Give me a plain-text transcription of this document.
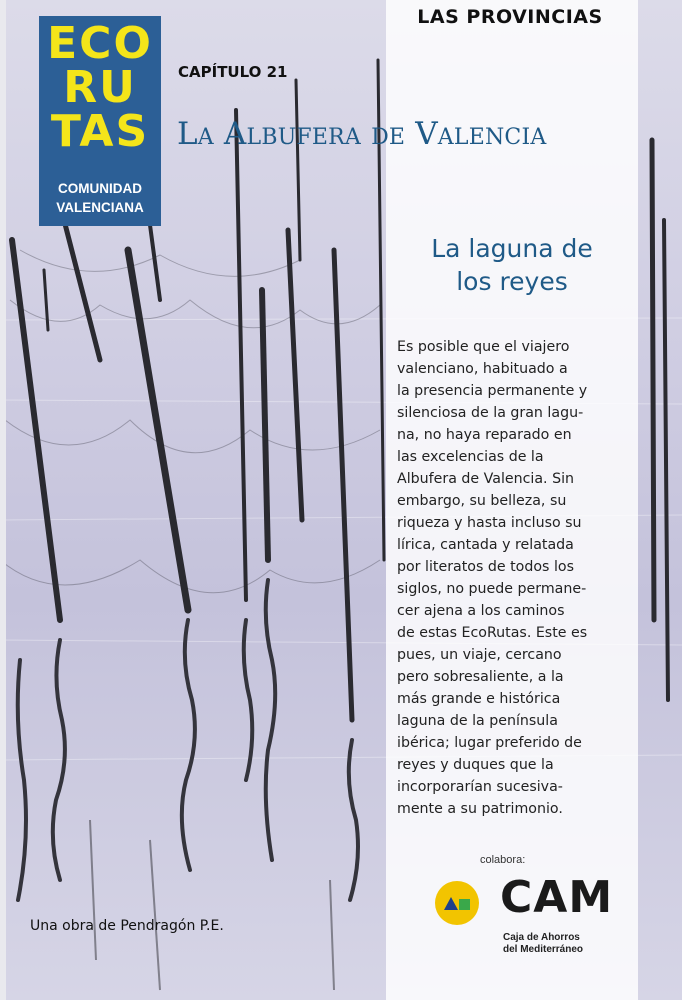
ECO
RU
TAS
COMUNIDAD
VALENCIANA
LAS PROVINCIAS
CAPÍTULO 21
La Albufera de Valencia
La laguna de
los reyes
Es posible que el viajero
valenciano, habituado a
la presencia permanente y
silenciosa de la gran lagu-
na, no haya reparado en
las excelencias de la
Albufera de Valencia. Sin
embargo, su belleza, su
riqueza y hasta incluso su
lírica, cantada y relatada
por literatos de todos los
siglos, no puede permane-
cer ajena a los caminos
de estas EcoRutas. Este es
pues, un viaje, cercano
pero sobresaliente, a la
más grande e histórica
laguna de la península
ibérica; lugar preferido de
reyes y duques que la
incorporarían sucesiva-
mente a su patrimonio.
colabora:
CAM
Caja de Ahorros
del Mediterráneo
Una obra de Pendragón P.E.
